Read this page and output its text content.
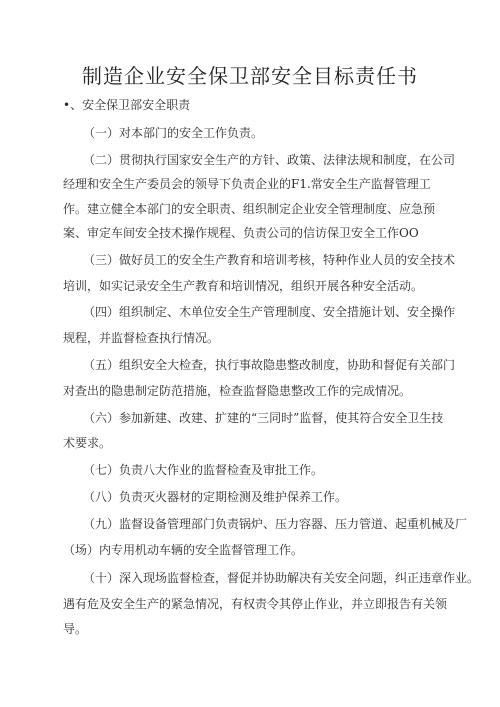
制造企业安全保卫部安全目标责任书
•、安全保卫部安全职责
（一）对本部门的安全工作负责。
（二）贯彻执行国家安全生产的方针、政策、法律法规和制度，在公司
经理和安全生产委员会的领导下负责企业的F1.常安全生产监督管理工
作。建立健全本部门的安全职责、组织制定企业安全管理制度、应急预
案、审定车间安全技术操作规程、负责公司的信访保卫安全工作OO
（三）做好员工的安全生产教育和培训考核，特种作业人员的安全技术
培训，如实记录安全生产教育和培训情况，组织开展各种安全活动。
（四）组织制定、木单位安全生产管理制度、安全措施计划、安全操作
规程，并监督检查执行情况。
（五）组织安全大检查，执行事故隐患整改制度，协助和督促有关部门
对查出的隐患制定防范措施，检查监督隐患整改工作的完成情况。
（六）参加新建、改建、扩建的“三同时”监督，使其符合安全卫生技
术要求。
（七）负责八大作业的监督检查及审批工作。
（八）负责灭火器材的定期检测及维护保养工作。
（九）监督设备管理部门负责锅炉、压力容器、压力管道、起重机械及厂
（场）内专用机动车辆的安全监督管理工作。
（十）深入现场监督检查，督促并协助解决有关安全问题，纠正违章作业。
遇有危及安全生产的紧急情况，有权责令其停止作业，并立即报告有关领
导。
